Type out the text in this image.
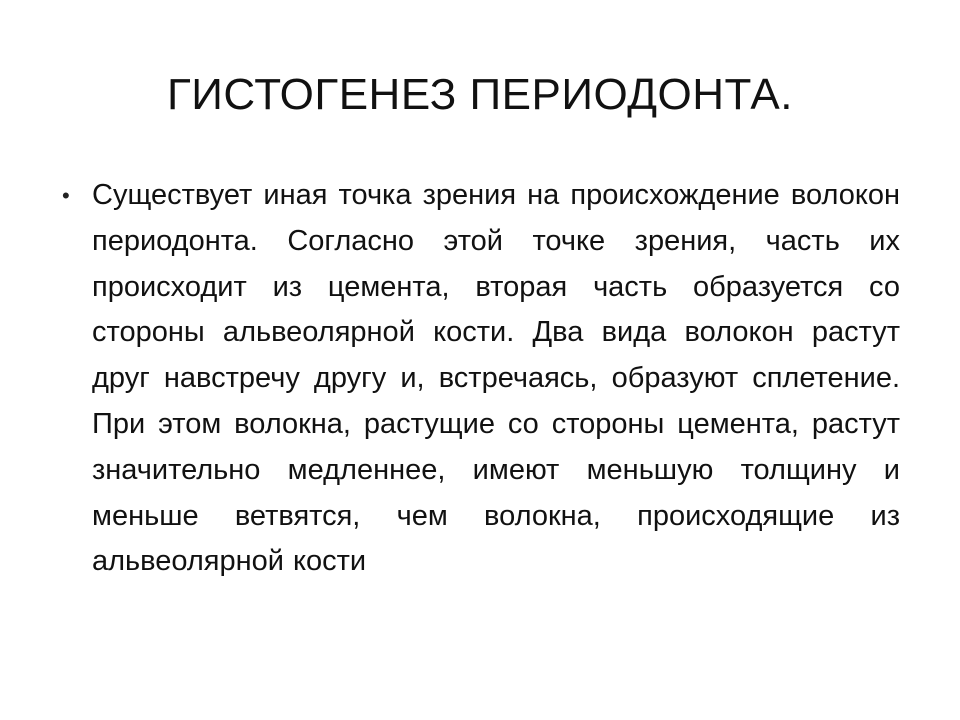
ГИСТОГЕНЕЗ ПЕРИОДОНТА.
• Существует иная точка зрения на происхождение волокон периодонта. Согласно этой точке зрения, часть их происходит из цемента, вторая часть образуется со стороны альвеолярной кости. Два вида волокон растут друг навстречу другу и, встречаясь, образуют сплетение. При этом волокна, растущие со стороны цемента, растут значительно медленнее, имеют меньшую толщину и меньше ветвятся, чем волокна, происходящие из альвеолярной кости
